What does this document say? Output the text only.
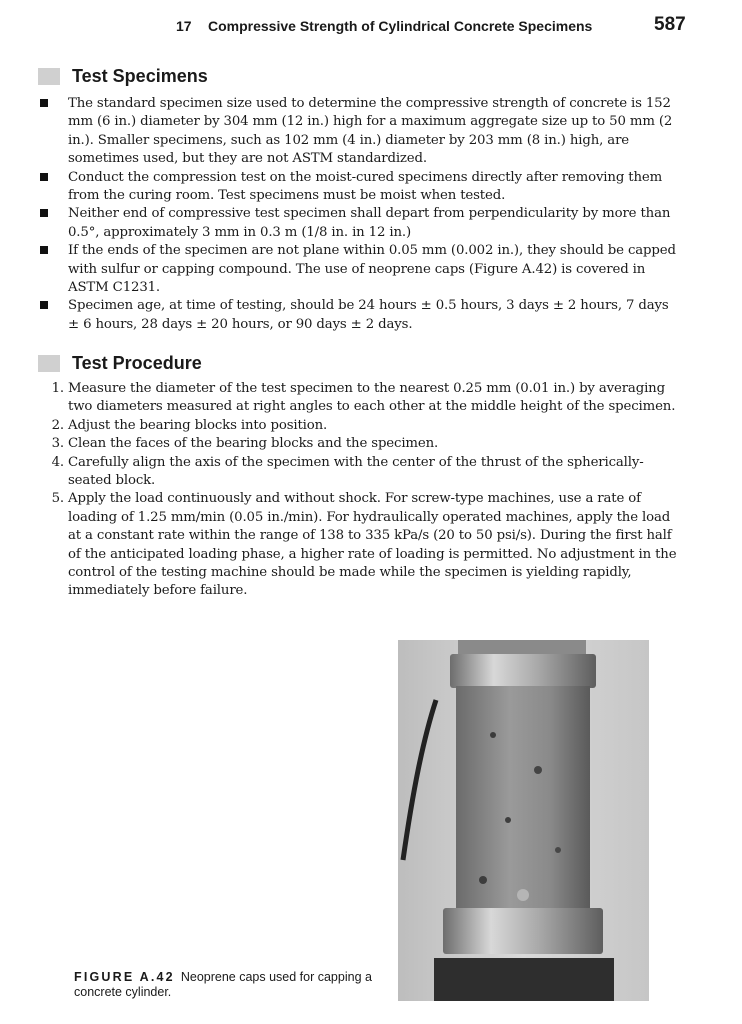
17 Compressive Strength of Cylindrical Concrete Specimens	587
Test Specimens
The standard specimen size used to determine the compressive strength of concrete is 152 mm (6 in.) diameter by 304 mm (12 in.) high for a maximum aggregate size up to 50 mm (2 in.). Smaller specimens, such as 102 mm (4 in.) diameter by 203 mm (8 in.) high, are sometimes used, but they are not ASTM standardized.
Conduct the compression test on the moist-cured specimens directly after removing them from the curing room. Test specimens must be moist when tested.
Neither end of compressive test specimen shall depart from perpendicularity by more than 0.5°, approximately 3 mm in 0.3 m (1/8 in. in 12 in.)
If the ends of the specimen are not plane within 0.05 mm (0.002 in.), they should be capped with sulfur or capping compound. The use of neoprene caps (Figure A.42) is covered in ASTM C1231.
Specimen age, at time of testing, should be 24 hours ± 0.5 hours, 3 days ± 2 hours, 7 days ± 6 hours, 28 days ± 20 hours, or 90 days ± 2 days.
Test Procedure
1. Measure the diameter of the test specimen to the nearest 0.25 mm (0.01 in.) by averaging two diameters measured at right angles to each other at the middle height of the specimen.
2. Adjust the bearing blocks into position.
3. Clean the faces of the bearing blocks and the specimen.
4. Carefully align the axis of the specimen with the center of the thrust of the spherically-seated block.
5. Apply the load continuously and without shock. For screw-type machines, use a rate of loading of 1.25 mm/min (0.05 in./min). For hydraulically operated machines, apply the load at a constant rate within the range of 138 to 335 kPa/s (20 to 50 psi/s). During the first half of the anticipated loading phase, a higher rate of loading is permitted. No adjustment in the control of the testing machine should be made while the specimen is yielding rapidly, immediately before failure.
FIGURE A.42 Neoprene caps used for capping a concrete cylinder.
